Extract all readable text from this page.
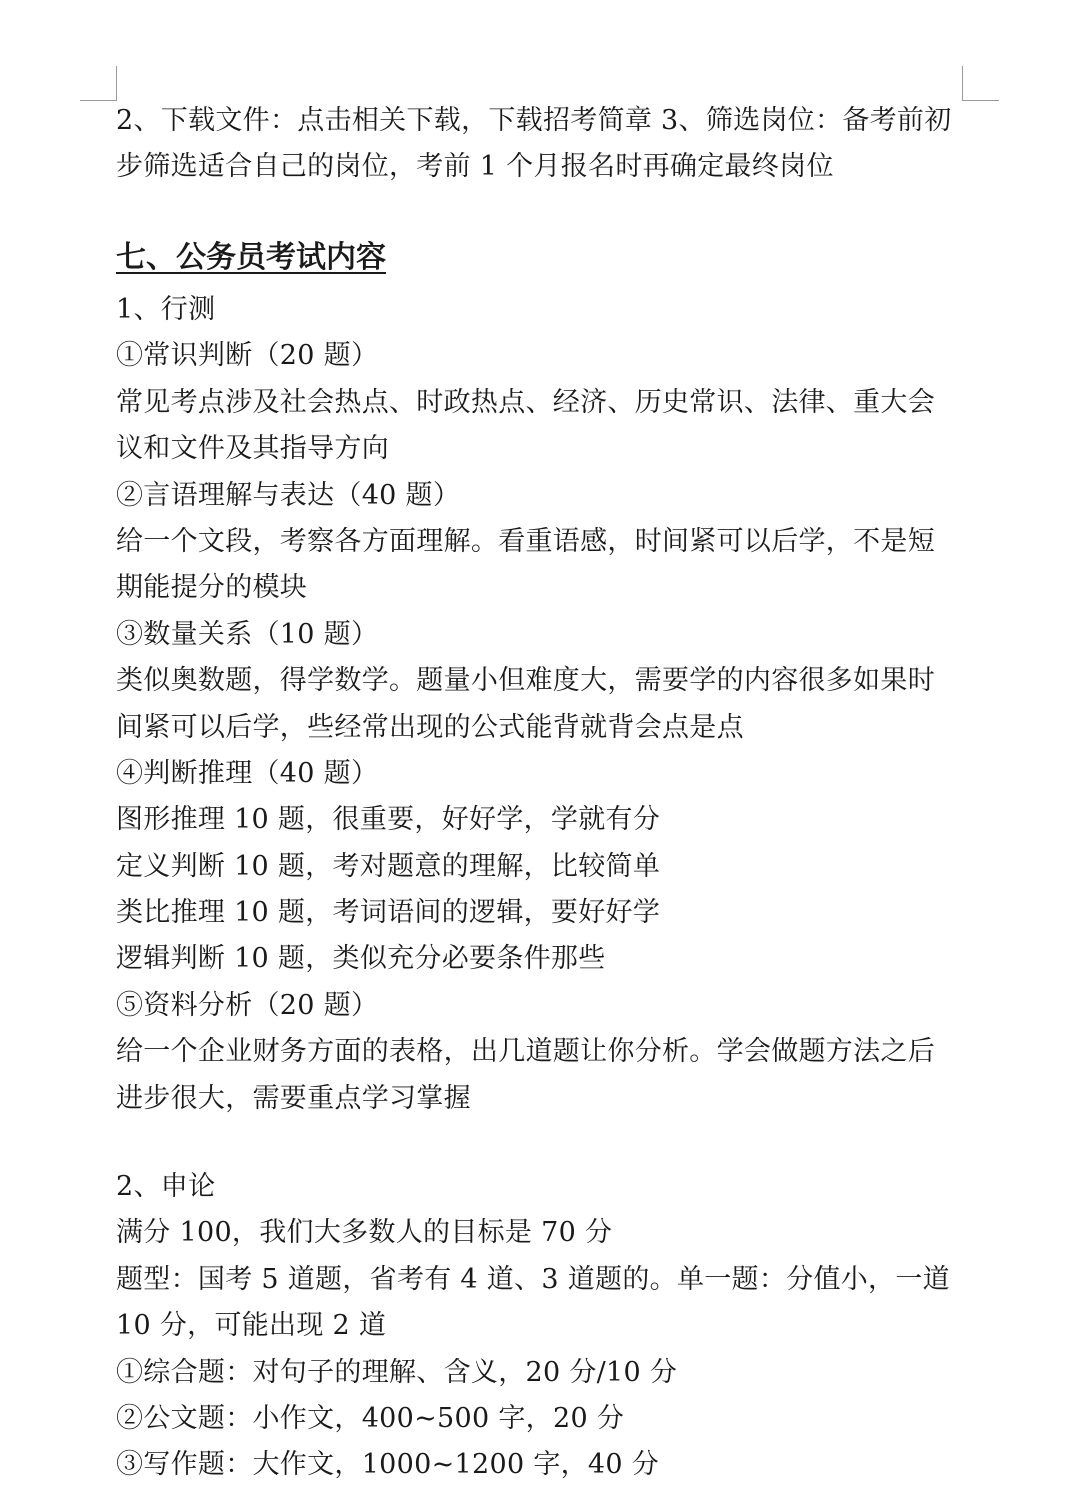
2、下载文件：点击相关下载，下载招考简章 3、筛选岗位：备考前初
步筛选适合自己的岗位，考前 1 个月报名时再确定最终岗位
七、公务员考试内容
1、行测
①常识判断（20 题）
常见考点涉及社会热点、时政热点、经济、历史常识、法律、重大会
议和文件及其指导方向
②言语理解与表达（40 题）
给一个文段，考察各方面理解。看重语感，时间紧可以后学，不是短
期能提分的模块
③数量关系（10 题）
类似奥数题，得学数学。题量小但难度大，需要学的内容很多如果时
间紧可以后学，些经常出现的公式能背就背会点是点
④判断推理（40 题）
图形推理 10 题，很重要，好好学，学就有分
定义判断 10 题，考对题意的理解，比较简单
类比推理 10 题，考词语间的逻辑，要好好学
逻辑判断 10 题，类似充分必要条件那些
⑤资料分析（20 题）
给一个企业财务方面的表格，出几道题让你分析。学会做题方法之后
进步很大，需要重点学习掌握
2、申论
满分 100，我们大多数人的目标是 70 分
题型：国考 5 道题，省考有 4 道、3 道题的。单一题：分值小，一道
10 分，可能出现 2 道
①综合题：对句子的理解、含义，20 分/10 分
②公文题：小作文，400~500 字，20 分
③写作题：大作文，1000~1200 字，40 分
